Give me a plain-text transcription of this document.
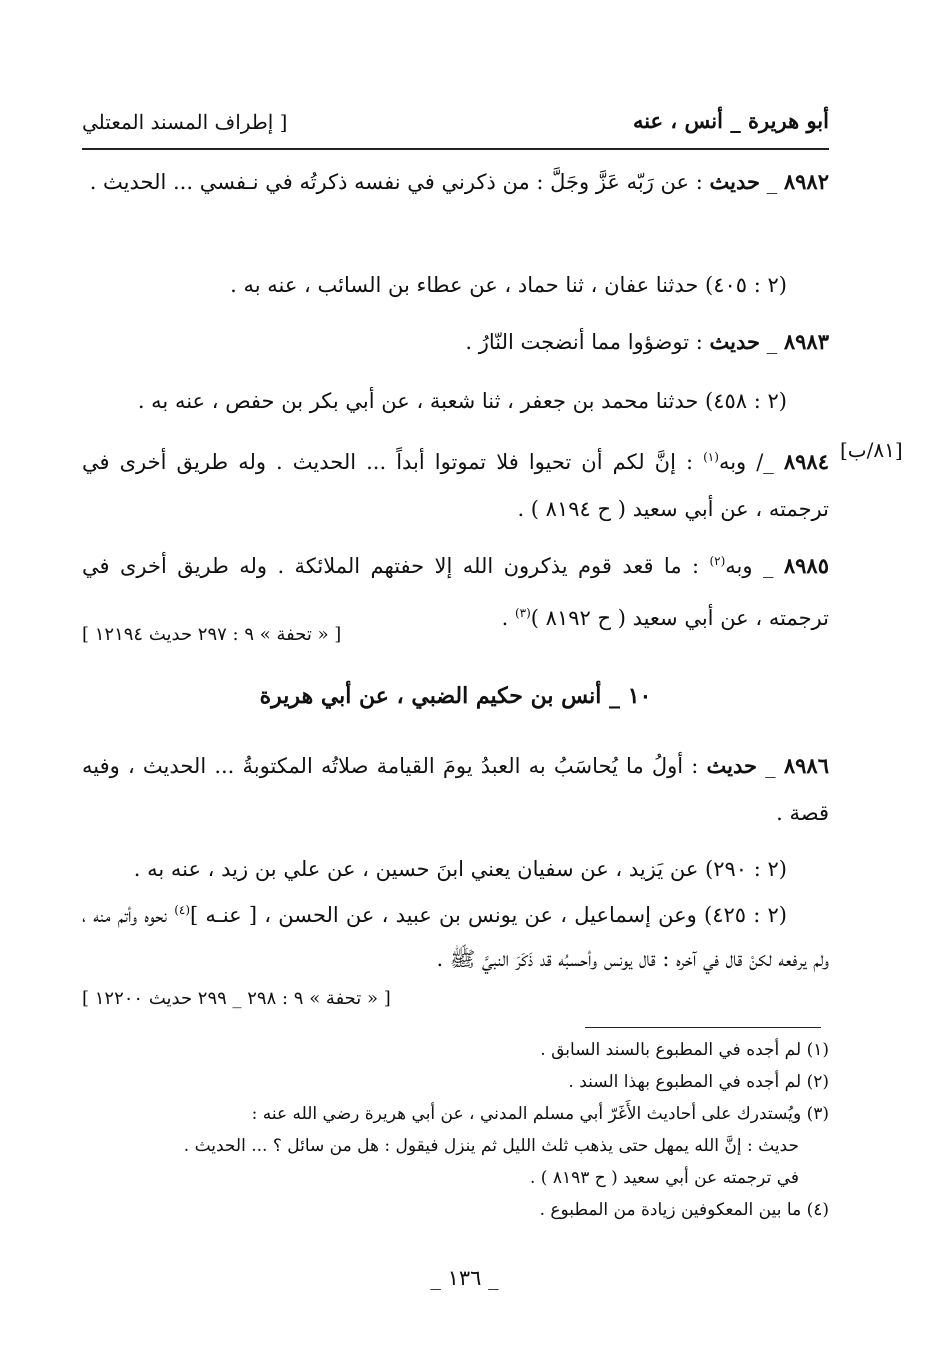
أبو هريرة _ أنس ، عنه
[ إطراف المسند المعتلي
٨٩٨٢ _ حديث : عن رَبّه عَزَّ وجَلَّ : من ذكرني في نفسه ذكرتُه في نـفسي ... الحديث .
(٢ : ٤٠٥) حدثنا عفان ، ثنا حماد ، عن عطاء بن السائب ، عنه به .
٨٩٨٣ _ حديث : توضؤوا مما أنضجت النّارُ .
(٢ : ٤٥٨) حدثنا محمد بن جعفر ، ثنا شعبة ، عن أبي بكر بن حفص ، عنه به .
[٨١/ب]
٨٩٨٤ _/ وبه$^{(١)}$ : إنَّ لكم أن تحيوا فلا تموتوا أبداً ... الحديث . وله طريق أخرى في ترجمته ، عن أبي سعيد ( ح ٨١٩٤ ) .
٨٩٨٥ _ وبه$^{(٢)}$ : ما قعد قوم يذكرون الله إلا حفتهم الملائكة . وله طريق أخرى في ترجمته ، عن أبي سعيد ( ح ٨١٩٢ )$^{(٣)}$ .
[ « تحفة » ٩ : ٢٩٧ حديث ١٢١٩٤ ]
١٠ _ أنس بن حكيم الضبي ، عن أبي هريرة
٨٩٨٦ _ حديث : أولُ ما يُحاسَبُ به العبدُ يومَ القيامة صلاتُه المكتوبةُ ... الحديث ، وفيه قصة .
(٢ : ٢٩٠) عن يَزيد ، عن سفيان يعني ابنَ حسين ، عن علي بن زيد ، عنه به .
(٢ : ٤٢٥) وعن إسماعيل ، عن يونس بن عبيد ، عن الحسن ، [ عنـه ]$^{(٤)}$ نحوه وأتم منه ، ولم يرفعه لكنْ قال في آخره : قال يونس وأحسبُه قد ذَكَرَ النبيَّ ﷺ .
[ « تحفة » ٩ : ٢٩٨ _ ٢٩٩ حديث ١٢٢٠٠ ]
(١) لم أجده في المطبوع بالسند السابق .
(٢) لم أجده في المطبوع بهذا السند .
(٣) ويُستدرك على أحاديث الأَغَرّ أبي مسلم المدني ، عن أبي هريرة رضي الله عنه :
حديث : إنَّ الله يمهل حتى يذهب ثلث الليل ثم ينزل فيقول : هل من سائل ؟ ... الحديث .
في ترجمته عن أبي سعيد ( ح ٨١٩٣ ) .
(٤) ما بين المعكوفين زيادة من المطبوع .
_ ١٣٦ _
